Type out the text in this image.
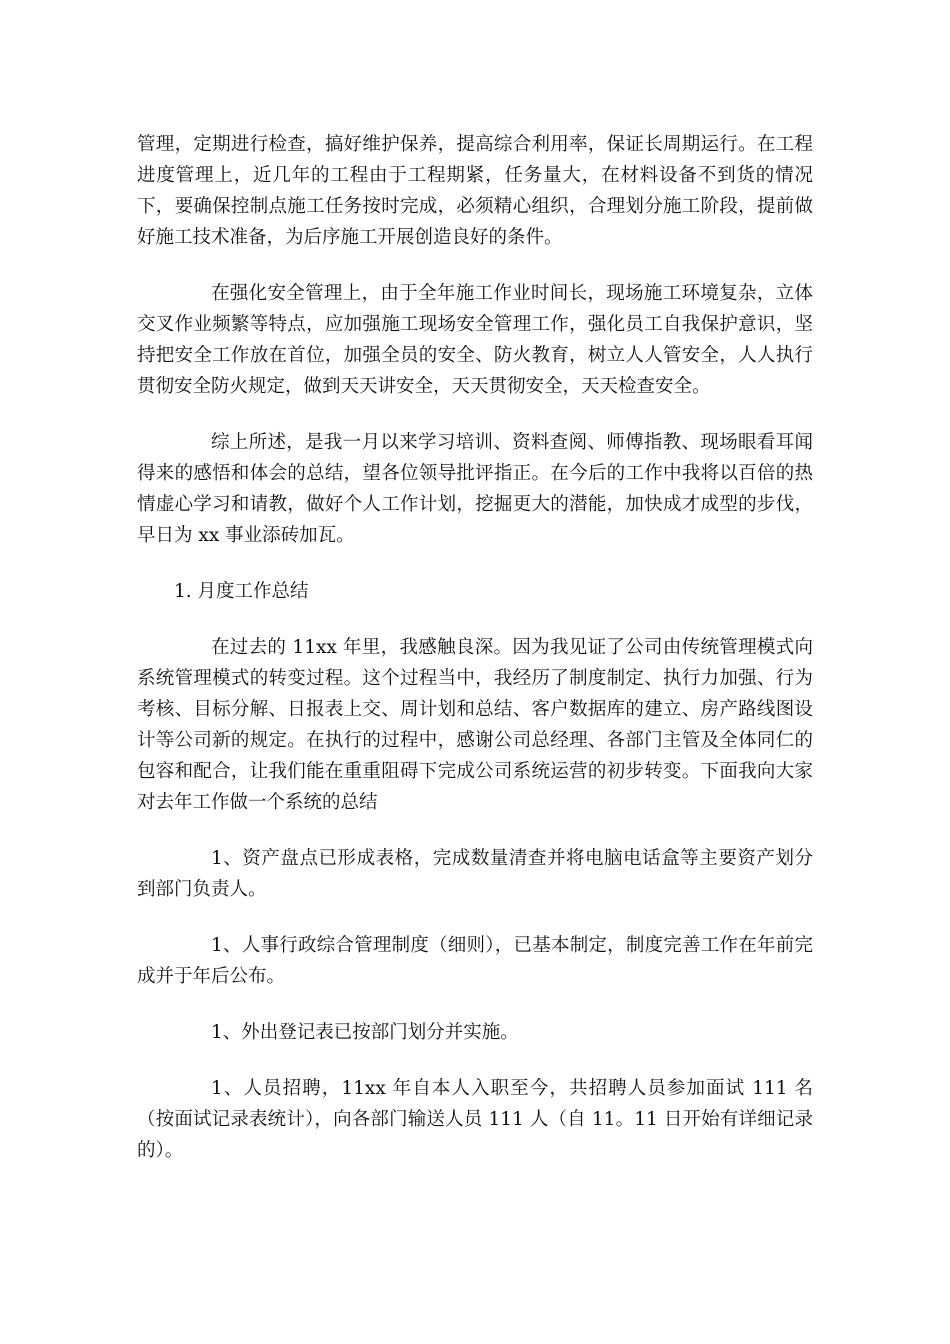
管理，定期进行检查，搞好维护保养，提高综合利用率，保证长周期运行。在工程进度管理上，近几年的工程由于工程期紧，任务量大，在材料设备不到货的情况下，要确保控制点施工任务按时完成，必须精心组织，合理划分施工阶段，提前做好施工技术准备，为后序施工开展创造良好的条件。

在强化安全管理上，由于全年施工作业时间长，现场施工环境复杂，立体交叉作业频繁等特点，应加强施工现场安全管理工作，强化员工自我保护意识，坚持把安全工作放在首位，加强全员的安全、防火教育，树立人人管安全，人人执行贯彻安全防火规定，做到天天讲安全，天天贯彻安全，天天检查安全。

综上所述，是我一月以来学习培训、资料查阅、师傅指教、现场眼看耳闻得来的感悟和体会的总结，望各位领导批评指正。在今后的工作中我将以百倍的热情虚心学习和请教，做好个人工作计划，挖掘更大的潜能，加快成才成型的步伐，早日为 xx 事业添砖加瓦。

1. 月度工作总结

在过去的 11xx 年里，我感触良深。因为我见证了公司由传统管理模式向系统管理模式的转变过程。这个过程当中，我经历了制度制定、执行力加强、行为考核、目标分解、日报表上交、周计划和总结、客户数据库的建立、房产路线图设计等公司新的规定。在执行的过程中，感谢公司总经理、各部门主管及全体同仁的包容和配合，让我们能在重重阻碍下完成公司系统运营的初步转变。下面我向大家对去年工作做一个系统的总结

1、资产盘点已形成表格，完成数量清查并将电脑电话盒等主要资产划分到部门负责人。

1、人事行政综合管理制度（细则），已基本制定，制度完善工作在年前完成并于年后公布。

1、外出登记表已按部门划分并实施。

1、人员招聘，11xx 年自本人入职至今，共招聘人员参加面试 111 名（按面试记录表统计），向各部门输送人员 111 人（自 11。11 日开始有详细记录的）。
